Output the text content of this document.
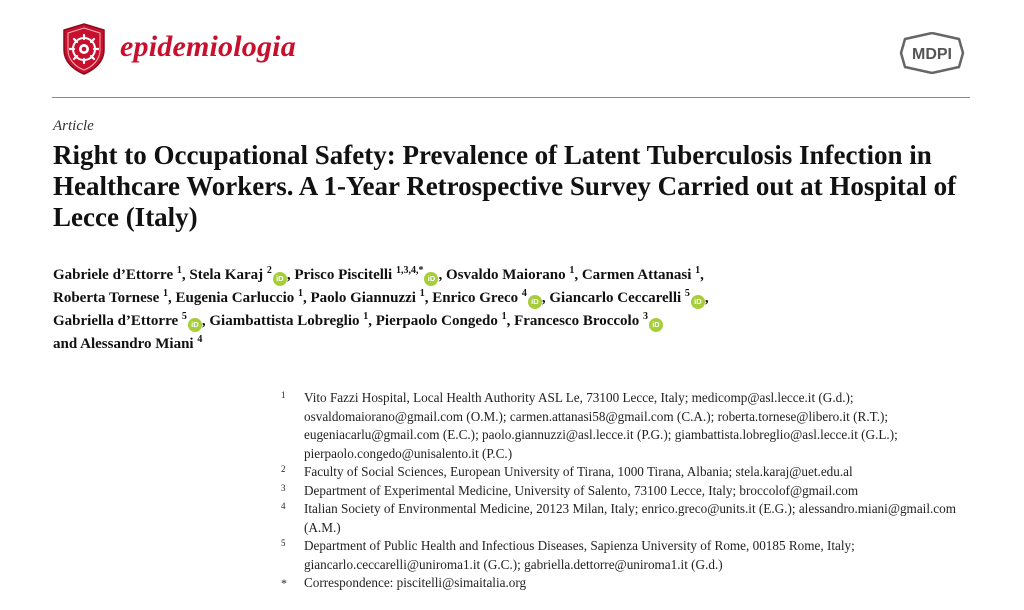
epidemiologia	MDPI
Article
Right to Occupational Safety: Prevalence of Latent Tuberculosis Infection in Healthcare Workers. A 1-Year Retrospective Survey Carried out at Hospital of Lecce (Italy)
Gabriele d’Ettorre $^1$, Stela Karaj $^2$iD , Prisco Piscitelli $^{1,3,4,*}$iD , Osvaldo Maiorano $^1$, Carmen Attanasi $^1$,
Roberta Tornese $^1$, Eugenia Carluccio $^1$, Paolo Giannuzzi $^1$, Enrico Greco $^4$iD , Giancarlo Ceccarelli $^5$iD ,
Gabriella d’Ettorre $^5$iD , Giambattista Lobreglio $^1$, Pierpaolo Congedo $^1$, Francesco Broccolo $^3$iD
and Alessandro Miani $^4$
1 Vito Fazzi Hospital, Local Health Authority ASL Le, 73100 Lecce, Italy; medicomp@asl.lecce.it (G.d.); osvaldomaiorano@gmail.com (O.M.); carmen.attanasi58@gmail.com (C.A.); roberta.tornese@libero.it (R.T.); eugeniacarlu@gmail.com (E.C.); paolo.giannuzzi@asl.lecce.it (P.G.); giambattista.lobreglio@asl.lecce.it (G.L.); pierpaolo.congedo@unisalento.it (P.C.)
2 Faculty of Social Sciences, European University of Tirana, 1000 Tirana, Albania; stela.karaj@uet.edu.al
3 Department of Experimental Medicine, University of Salento, 73100 Lecce, Italy; broccolof@gmail.com
4 Italian Society of Environmental Medicine, 20123 Milan, Italy; enrico.greco@units.it (E.G.); alessandro.miani@gmail.com (A.M.)
5 Department of Public Health and Infectious Diseases, Sapienza University of Rome, 00185 Rome, Italy; giancarlo.ceccarelli@uniroma1.it (G.C.); gabriella.dettorre@uniroma1.it (G.d.)
* Correspondence: piscitelli@simaitalia.org
